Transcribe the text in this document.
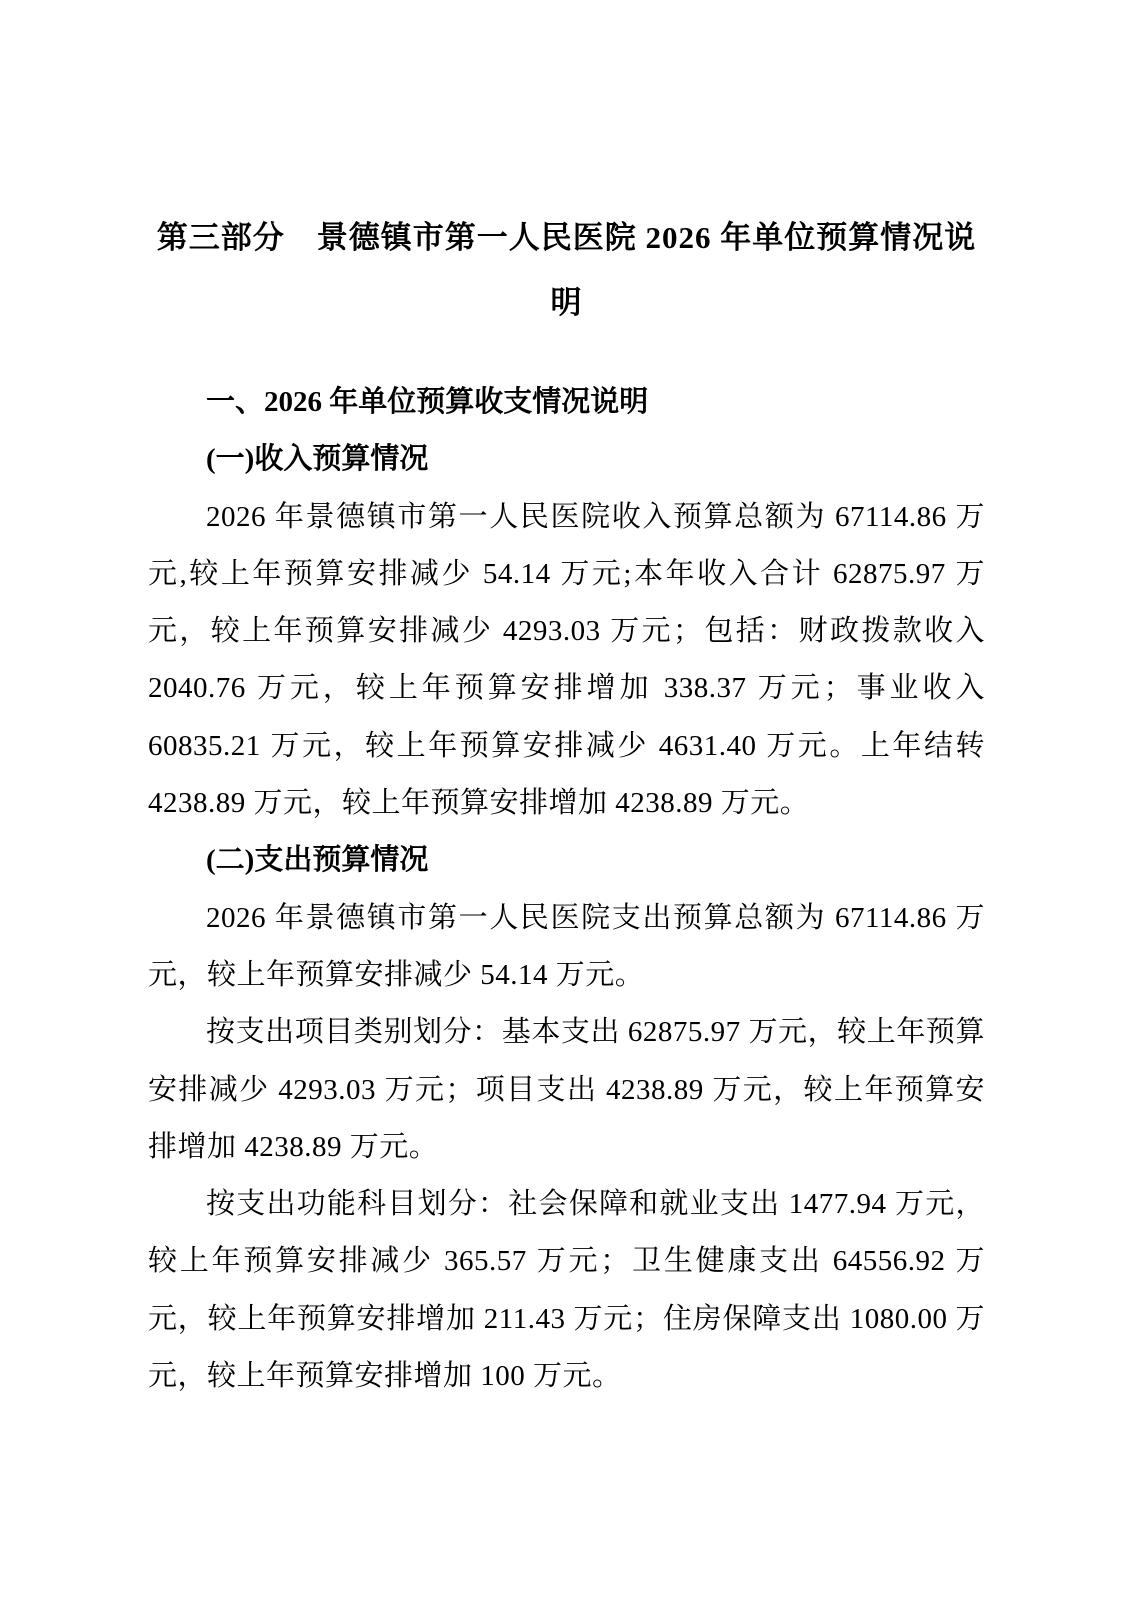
第三部分　景德镇市第一人民医院 2026 年单位预算情况说
明
一、2026 年单位预算收支情况说明
(一)收入预算情况

2026 年景德镇市第一人民医院收入预算总额为 67114.86 万元,较上年预算安排减少 54.14 万元;本年收入合计 62875.97 万元，较上年预算安排减少 4293.03 万元；包括：财政拨款收入 2040.76 万元，较上年预算安排增加 338.37 万元；事业收入 60835.21 万元，较上年预算安排减少 4631.40 万元。上年结转 4238.89 万元，较上年预算安排增加 4238.89 万元。

(二)支出预算情况

2026 年景德镇市第一人民医院支出预算总额为 67114.86 万元，较上年预算安排减少 54.14 万元。

按支出项目类别划分：基本支出 62875.97 万元，较上年预算安排减少 4293.03 万元；项目支出 4238.89 万元，较上年预算安排增加 4238.89 万元。

按支出功能科目划分：社会保障和就业支出 1477.94 万元，较上年预算安排减少 365.57 万元；卫生健康支出 64556.92 万元，较上年预算安排增加 211.43 万元；住房保障支出 1080.00 万元，较上年预算安排增加 100 万元。
